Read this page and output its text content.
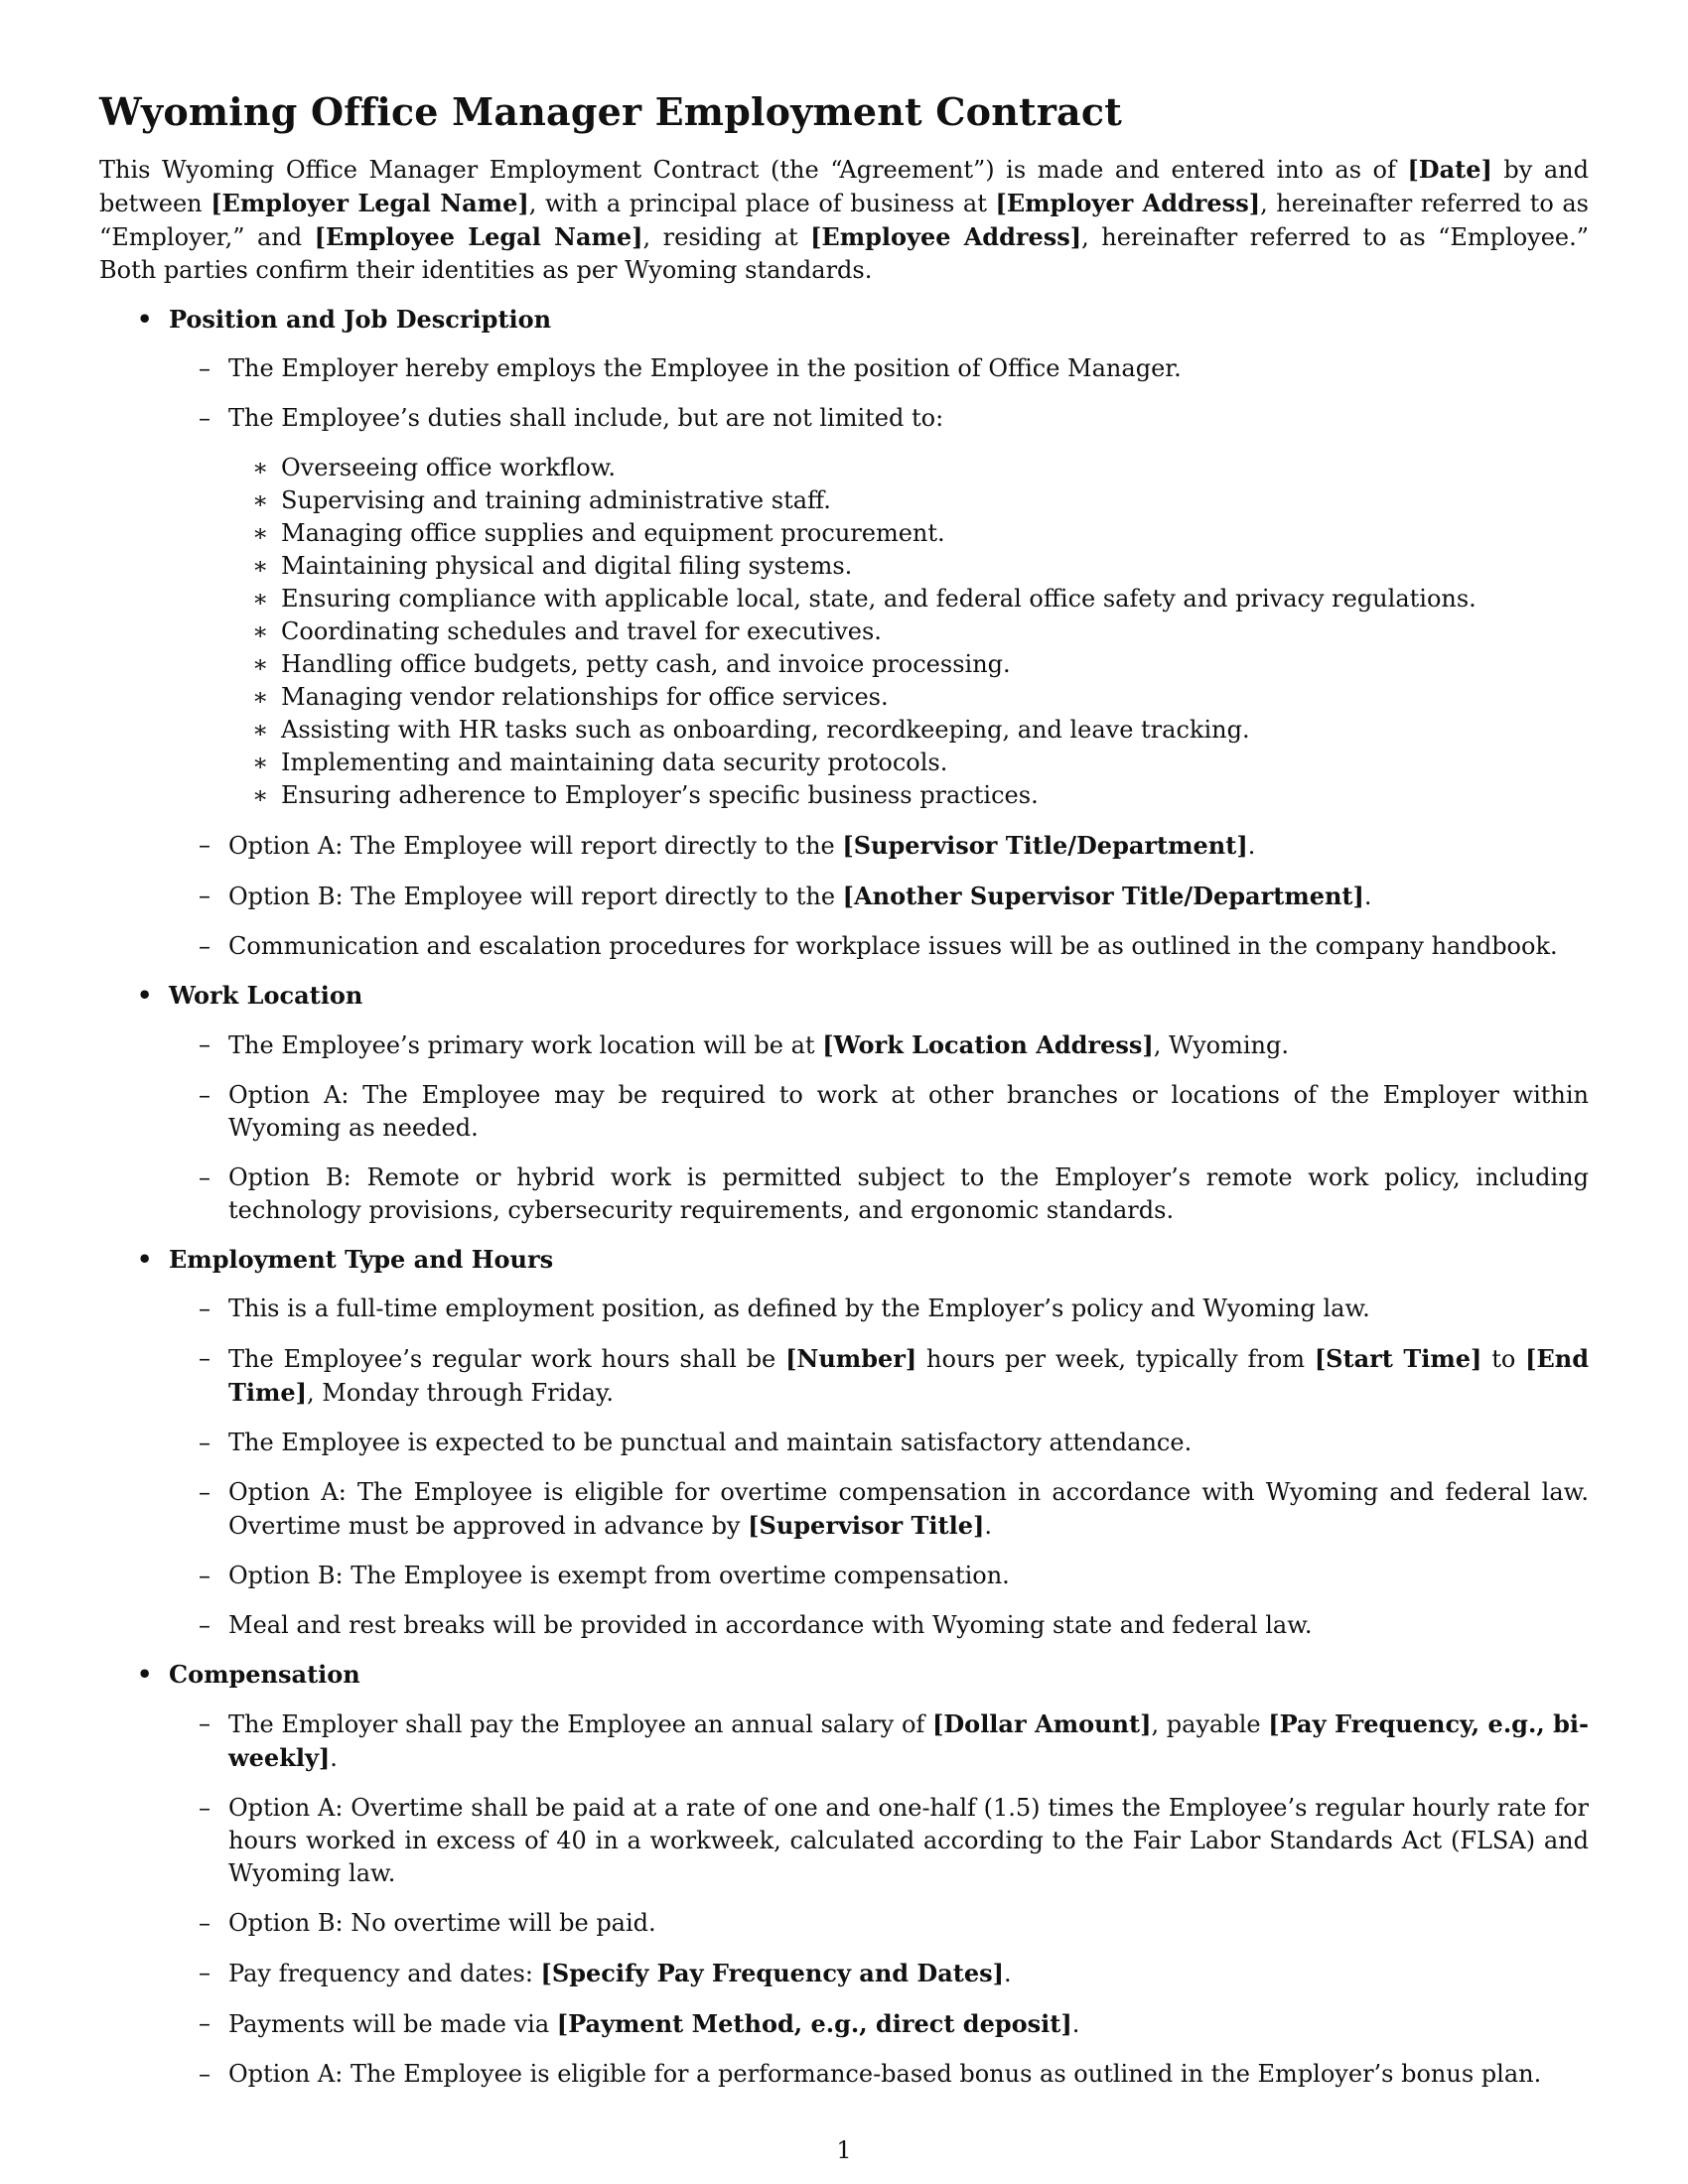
Wyoming Office Manager Employment Contract

This Wyoming Office Manager Employment Contract (the “Agreement”) is made and entered into as of [Date] by and between [Employer Legal Name], with a principal place of business at [Employer Address], hereinafter referred to as “Employer,” and [Employee Legal Name], residing at [Employee Address], hereinafter referred to as “Employee.” Both parties confirm their identities as per Wyoming standards.

• Position and Job Description
– The Employer hereby employs the Employee in the position of Office Manager.
– The Employee’s duties shall include, but are not limited to:
∗ Overseeing office workflow.
∗ Supervising and training administrative staff.
∗ Managing office supplies and equipment procurement.
∗ Maintaining physical and digital filing systems.
∗ Ensuring compliance with applicable local, state, and federal office safety and privacy regulations.
∗ Coordinating schedules and travel for executives.
∗ Handling office budgets, petty cash, and invoice processing.
∗ Managing vendor relationships for office services.
∗ Assisting with HR tasks such as onboarding, recordkeeping, and leave tracking.
∗ Implementing and maintaining data security protocols.
∗ Ensuring adherence to Employer’s specific business practices.
– Option A: The Employee will report directly to the [Supervisor Title/Department].
– Option B: The Employee will report directly to the [Another Supervisor Title/Department].
– Communication and escalation procedures for workplace issues will be as outlined in the company handbook.
• Work Location
– The Employee’s primary work location will be at [Work Location Address], Wyoming.
– Option A: The Employee may be required to work at other branches or locations of the Employer within Wyoming as needed.
– Option B: Remote or hybrid work is permitted subject to the Employer’s remote work policy, including technology provisions, cybersecurity requirements, and ergonomic standards.
• Employment Type and Hours
– This is a full-time employment position, as defined by the Employer’s policy and Wyoming law.
– The Employee’s regular work hours shall be [Number] hours per week, typically from [Start Time] to [End Time], Monday through Friday.
– The Employee is expected to be punctual and maintain satisfactory attendance.
– Option A: The Employee is eligible for overtime compensation in accordance with Wyoming and federal law. Overtime must be approved in advance by [Supervisor Title].
– Option B: The Employee is exempt from overtime compensation.
– Meal and rest breaks will be provided in accordance with Wyoming state and federal law.
• Compensation
– The Employer shall pay the Employee an annual salary of [Dollar Amount], payable [Pay Frequency, e.g., bi-weekly].
– Option A: Overtime shall be paid at a rate of one and one-half (1.5) times the Employee’s regular hourly rate for hours worked in excess of 40 in a workweek, calculated according to the Fair Labor Standards Act (FLSA) and Wyoming law.
– Option B: No overtime will be paid.
– Pay frequency and dates: [Specify Pay Frequency and Dates].
– Payments will be made via [Payment Method, e.g., direct deposit].
– Option A: The Employee is eligible for a performance-based bonus as outlined in the Employer’s bonus plan.
1
